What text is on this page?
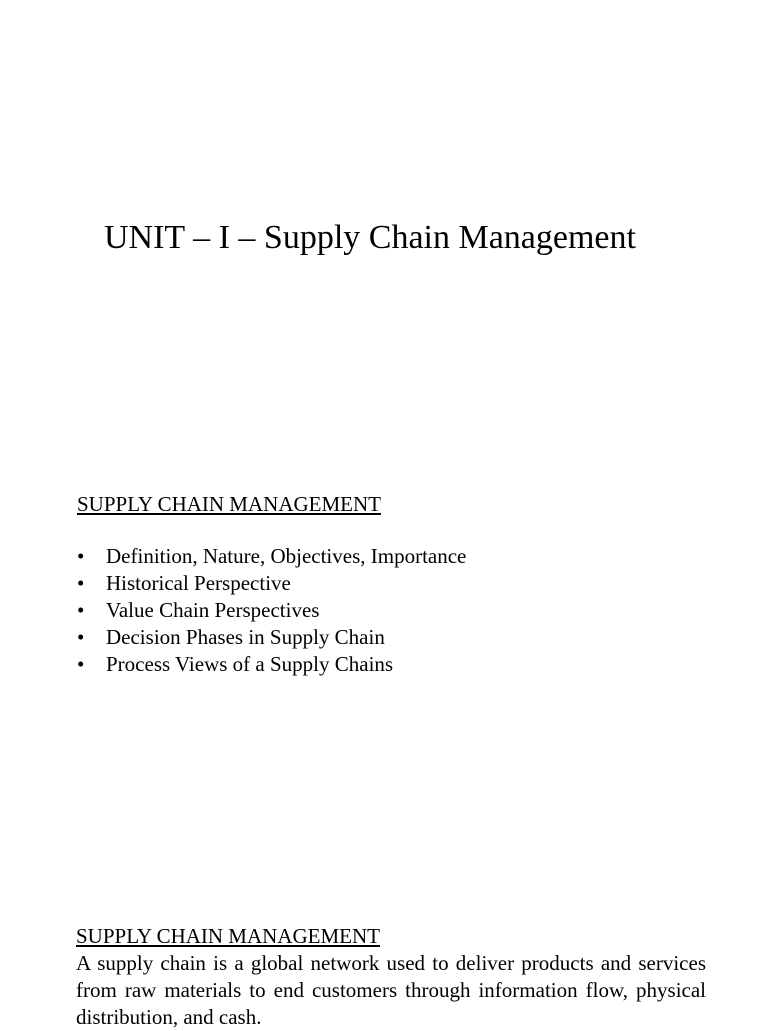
UNIT – I – Supply Chain Management
SUPPLY CHAIN MANAGEMENT
•	Definition, Nature, Objectives, Importance
•	Historical Perspective
•	Value Chain Perspectives
•	Decision Phases in Supply Chain
•	Process Views of a Supply Chains
SUPPLY CHAIN MANAGEMENT

A supply chain is a global network used to deliver products and services from raw materials to end customers through information flow, physical distribution, and cash.
